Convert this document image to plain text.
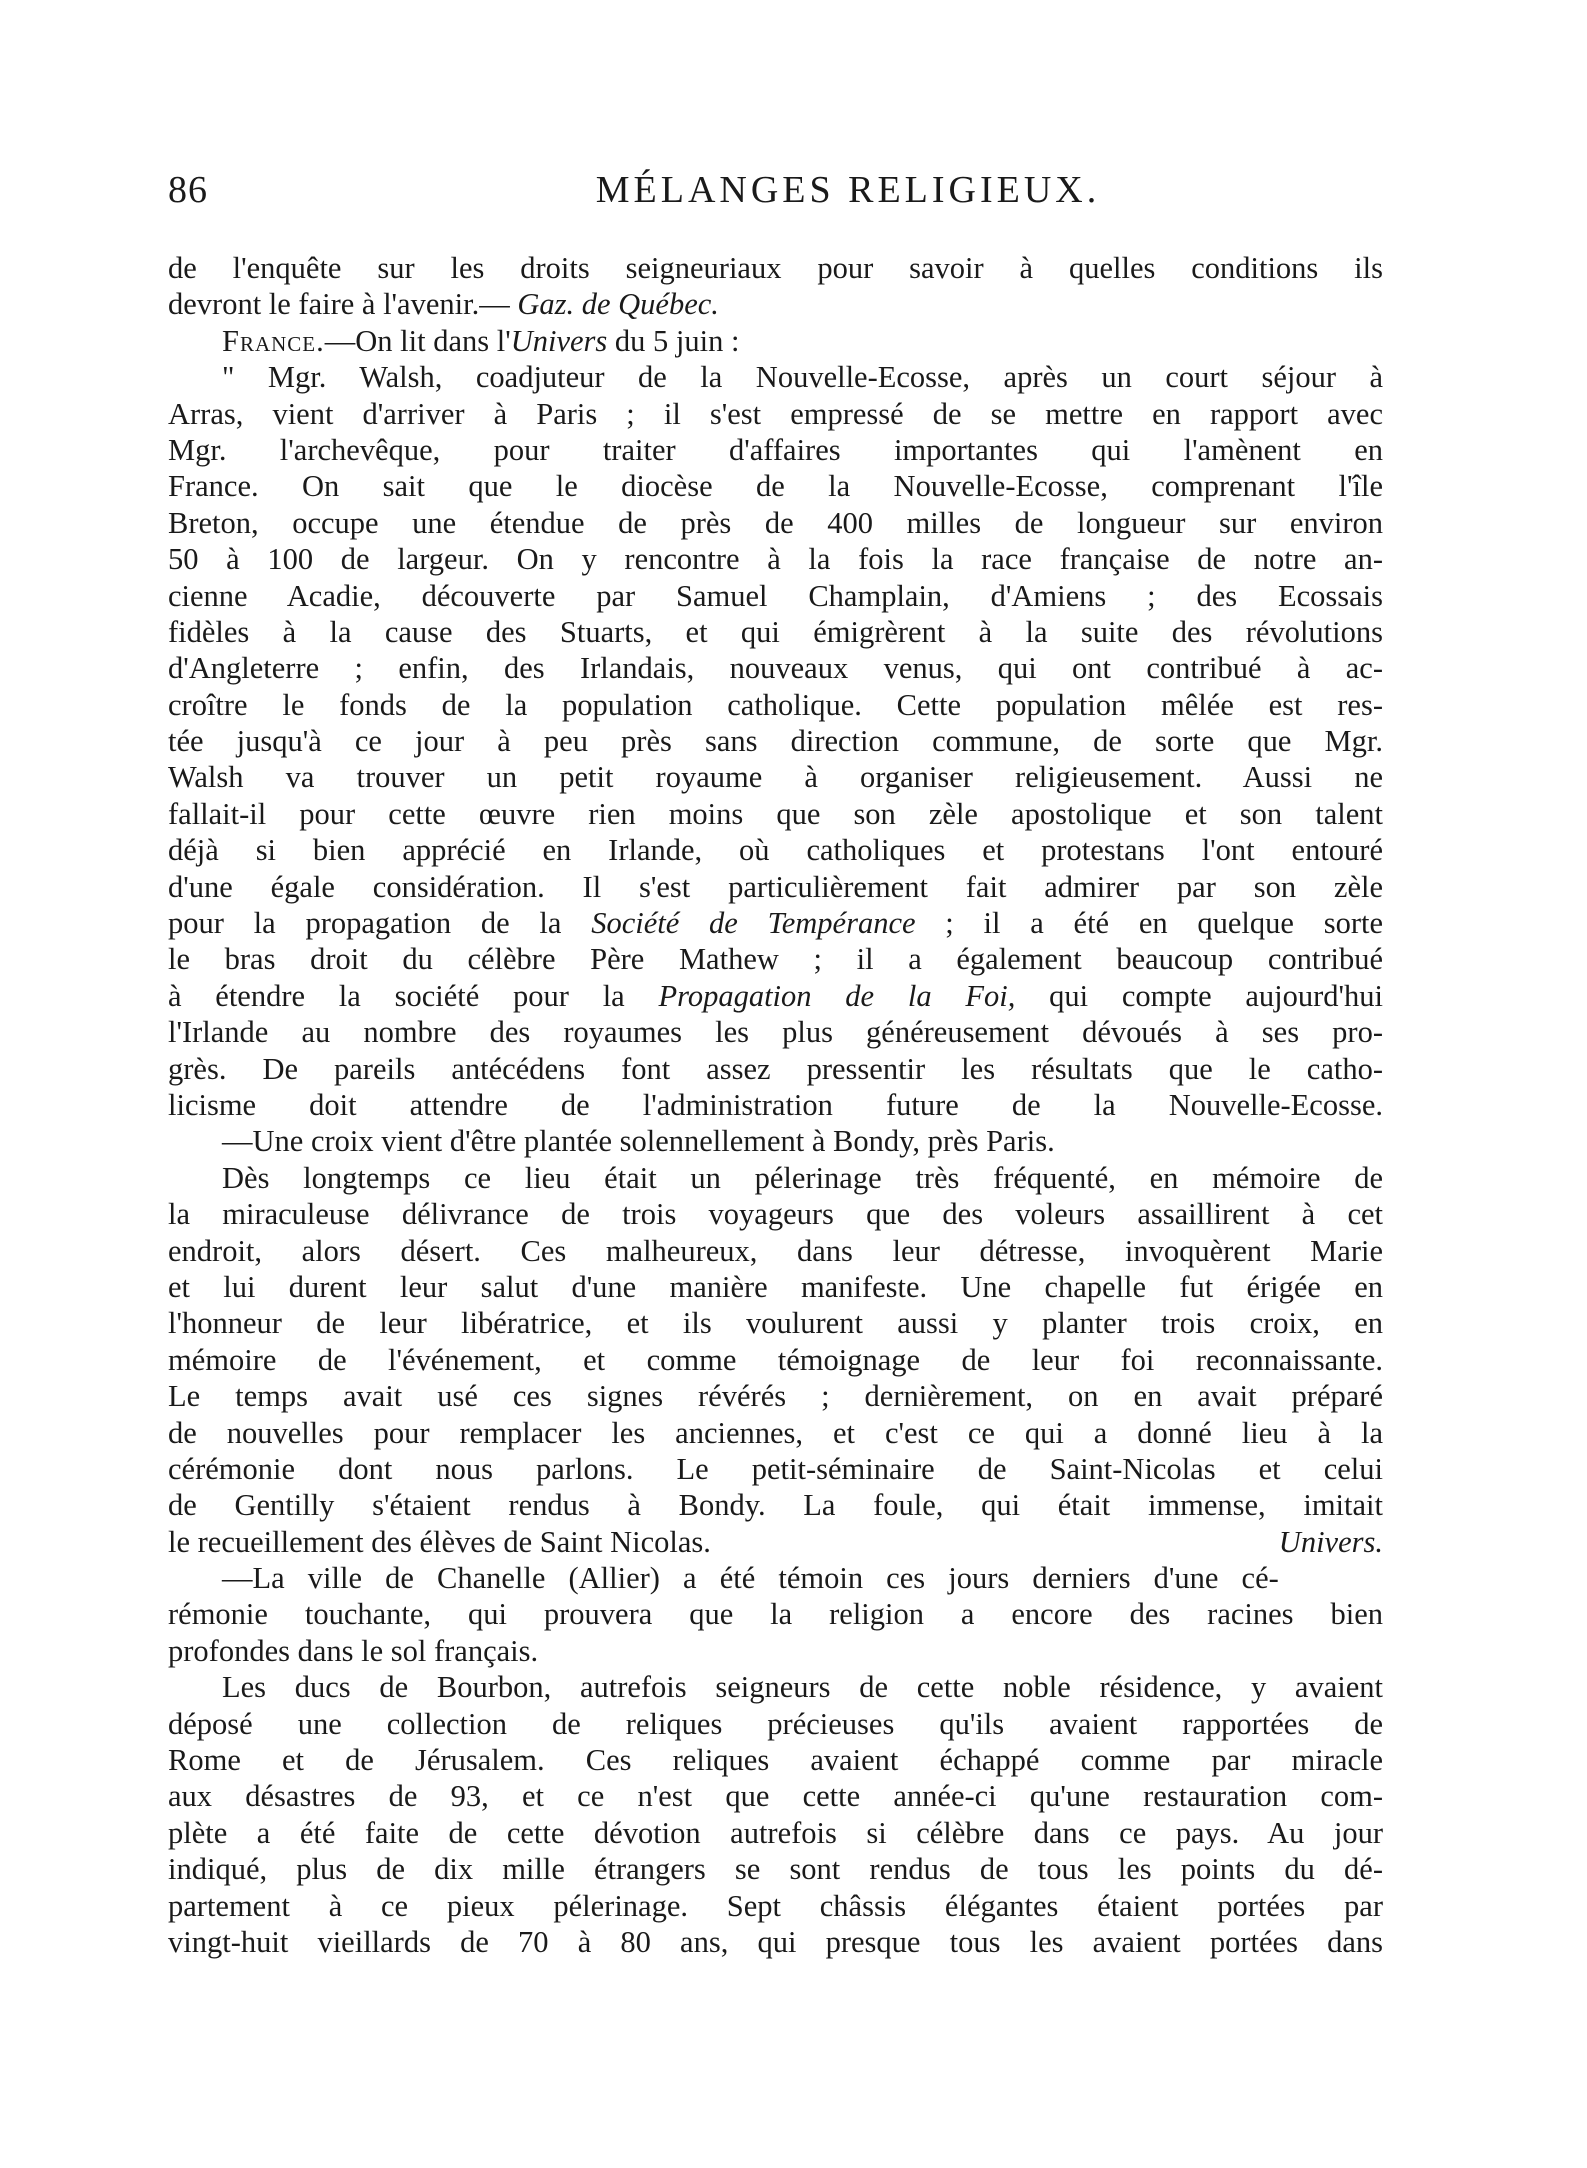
86	MÉLANGES RELIGIEUX.
de l'enquête sur les droits seigneuriaux pour savoir à quelles conditions ils
devront le faire à l'avenir.— Gaz. de Québec.
France.—On lit dans l'Univers du 5 juin :
" Mgr. Walsh, coadjuteur de la Nouvelle-Ecosse, après un court séjour à
Arras, vient d'arriver à Paris ; il s'est empressé de se mettre en rapport avec
Mgr. l'archevêque, pour traiter d'affaires importantes qui l'amènent en
France. On sait que le diocèse de la Nouvelle-Ecosse, comprenant l'île
Breton, occupe une étendue de près de 400 milles de longueur sur environ
50 à 100 de largeur. On y rencontre à la fois la race française de notre an-
cienne Acadie, découverte par Samuel Champlain, d'Amiens ; des Ecossais
fidèles à la cause des Stuarts, et qui émigrèrent à la suite des révolutions
d'Angleterre ; enfin, des Irlandais, nouveaux venus, qui ont contribué à ac-
croître le fonds de la population catholique. Cette population mêlée est res-
tée jusqu'à ce jour à peu près sans direction commune, de sorte que Mgr.
Walsh va trouver un petit royaume à organiser religieusement. Aussi ne
fallait-il pour cette œuvre rien moins que son zèle apostolique et son talent
déjà si bien apprécié en Irlande, où catholiques et protestans l'ont entouré
d'une égale considération. Il s'est particulièrement fait admirer par son zèle
pour la propagation de la Société de Tempérance ; il a été en quelque sorte
le bras droit du célèbre Père Mathew ; il a également beaucoup contribué
à étendre la société pour la Propagation de la Foi, qui compte aujourd'hui
l'Irlande au nombre des royaumes les plus généreusement dévoués à ses pro-
grès. De pareils antécédens font assez pressentir les résultats que le catho-
licisme doit attendre de l'administration future de la Nouvelle-Ecosse.
—Une croix vient d'être plantée solennellement à Bondy, près Paris.
Dès longtemps ce lieu était un pélerinage très fréquenté, en mémoire de
la miraculeuse délivrance de trois voyageurs que des voleurs assaillirent à cet
endroit, alors désert. Ces malheureux, dans leur détresse, invoquèrent Marie
et lui durent leur salut d'une manière manifeste. Une chapelle fut érigée en
l'honneur de leur libératrice, et ils voulurent aussi y planter trois croix, en
mémoire de l'événement, et comme témoignage de leur foi reconnaissante.
Le temps avait usé ces signes révérés ; dernièrement, on en avait préparé
de nouvelles pour remplacer les anciennes, et c'est ce qui a donné lieu à la
cérémonie dont nous parlons. Le petit-séminaire de Saint-Nicolas et celui
de Gentilly s'étaient rendus à Bondy. La foule, qui était immense, imitait
le recueillement des élèves de Saint Nicolas.	Univers.
—La ville de Chanelle (Allier) a été témoin ces jours derniers d'une cé-
rémonie touchante, qui prouvera que la religion a encore des racines bien
profondes dans le sol français.
Les ducs de Bourbon, autrefois seigneurs de cette noble résidence, y avaient
déposé une collection de reliques précieuses qu'ils avaient rapportées de
Rome et de Jérusalem. Ces reliques avaient échappé comme par miracle
aux désastres de 93, et ce n'est que cette année-ci qu'une restauration com-
plète a été faite de cette dévotion autrefois si célèbre dans ce pays. Au jour
indiqué, plus de dix mille étrangers se sont rendus de tous les points du dé-
partement à ce pieux pélerinage. Sept châssis élégantes étaient portées par
vingt-huit vieillards de 70 à 80 ans, qui presque tous les avaient portées dans
